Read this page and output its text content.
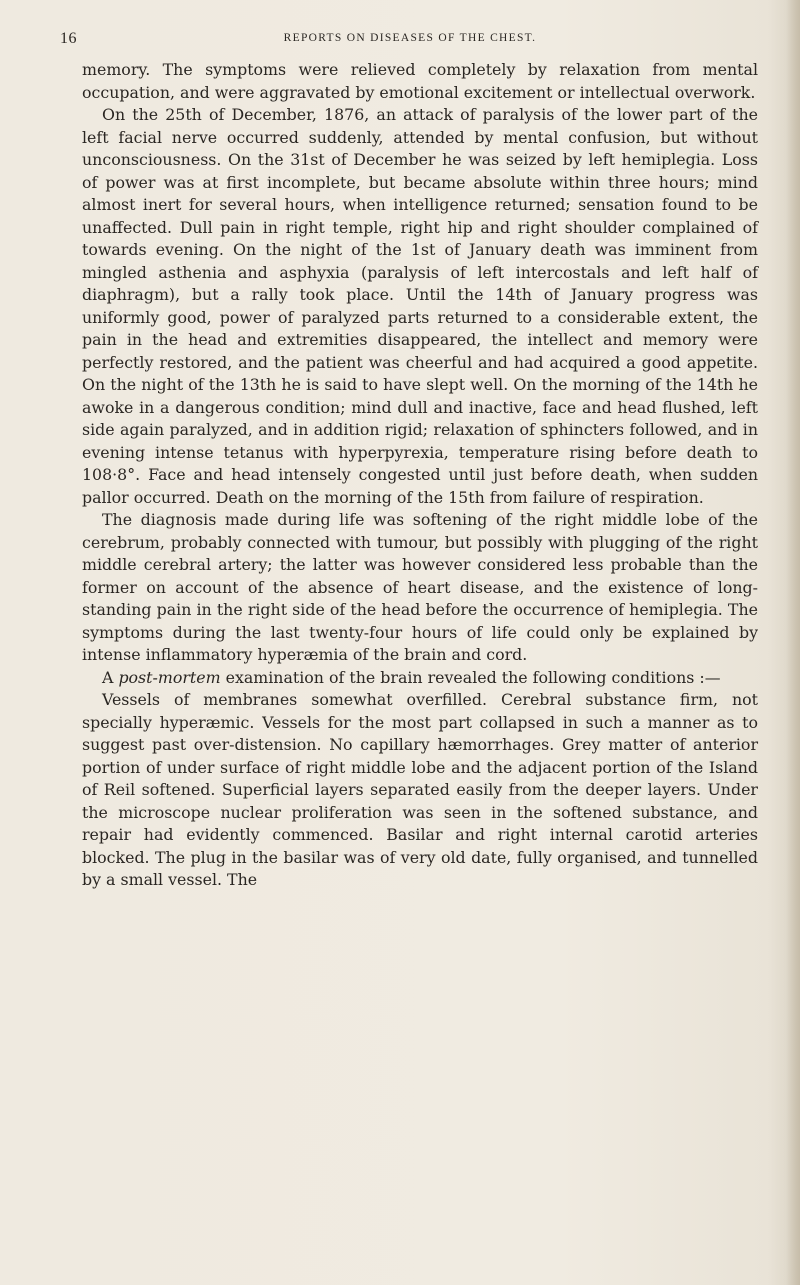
16	REPORTS ON DISEASES OF THE CHEST.

memory. The symptoms were relieved completely by relaxation from mental occupation, and were aggravated by emotional excitement or intellectual overwork.

On the 25th of December, 1876, an attack of paralysis of the lower part of the left facial nerve occurred suddenly, attended by mental confusion, but without unconsciousness. On the 31st of December he was seized by left hemiplegia. Loss of power was at first incomplete, but became absolute within three hours; mind almost inert for several hours, when intelligence returned; sensation found to be unaffected. Dull pain in right temple, right hip and right shoulder complained of towards evening. On the night of the 1st of January death was imminent from mingled asthenia and asphyxia (paralysis of left intercostals and left half of diaphragm), but a rally took place. Until the 14th of January progress was uniformly good, power of paralyzed parts returned to a considerable extent, the pain in the head and extremities disappeared, the intellect and memory were perfectly restored, and the patient was cheerful and had acquired a good appetite. On the night of the 13th he is said to have slept well. On the morning of the 14th he awoke in a dangerous condition; mind dull and inactive, face and head flushed, left side again paralyzed, and in addition rigid; relaxation of sphincters followed, and in evening intense tetanus with hyperpyrexia, temperature rising before death to 108·8°. Face and head intensely congested until just before death, when sudden pallor occurred. Death on the morning of the 15th from failure of respiration.

The diagnosis made during life was softening of the right middle lobe of the cerebrum, probably connected with tumour, but possibly with plugging of the right middle cerebral artery; the latter was however considered less probable than the former on account of the absence of heart disease, and the existence of long-standing pain in the right side of the head before the occurrence of hemiplegia. The symptoms during the last twenty-four hours of life could only be explained by intense inflammatory hyperæmia of the brain and cord.

A post-mortem examination of the brain revealed the following conditions :—

Vessels of membranes somewhat overfilled. Cerebral substance firm, not specially hyperæmic. Vessels for the most part collapsed in such a manner as to suggest past over-distension. No capillary hæmorrhages. Grey matter of anterior portion of under surface of right middle lobe and the adjacent portion of the Island of Reil softened. Superficial layers separated easily from the deeper layers. Under the microscope nuclear proliferation was seen in the softened substance, and repair had evidently commenced. Basilar and right internal carotid arteries blocked. The plug in the basilar was of very old date, fully organised, and tunnelled by a small vessel. The
